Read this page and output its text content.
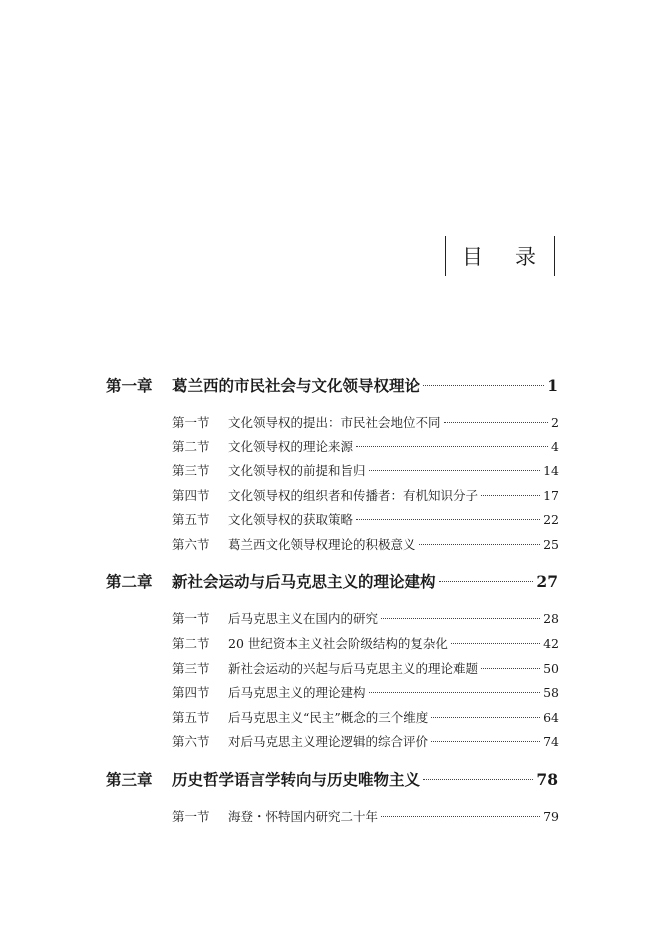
目 录
第一章	葛兰西的市民社会与文化领导权理论	1
第一节	文化领导权的提出：市民社会地位不同	2
第二节	文化领导权的理论来源	4
第三节	文化领导权的前提和旨归	14
第四节	文化领导权的组织者和传播者：有机知识分子	17
第五节	文化领导权的获取策略	22
第六节	葛兰西文化领导权理论的积极意义	25
第二章	新社会运动与后马克思主义的理论建构	27
第一节	后马克思主义在国内的研究	28
第二节	20 世纪资本主义社会阶级结构的复杂化	42
第三节	新社会运动的兴起与后马克思主义的理论难题	50
第四节	后马克思主义的理论建构	58
第五节	后马克思主义“民主”概念的三个维度	64
第六节	对后马克思主义理论逻辑的综合评价	74
第三章	历史哲学语言学转向与历史唯物主义	78
第一节	海登・怀特国内研究二十年	79
